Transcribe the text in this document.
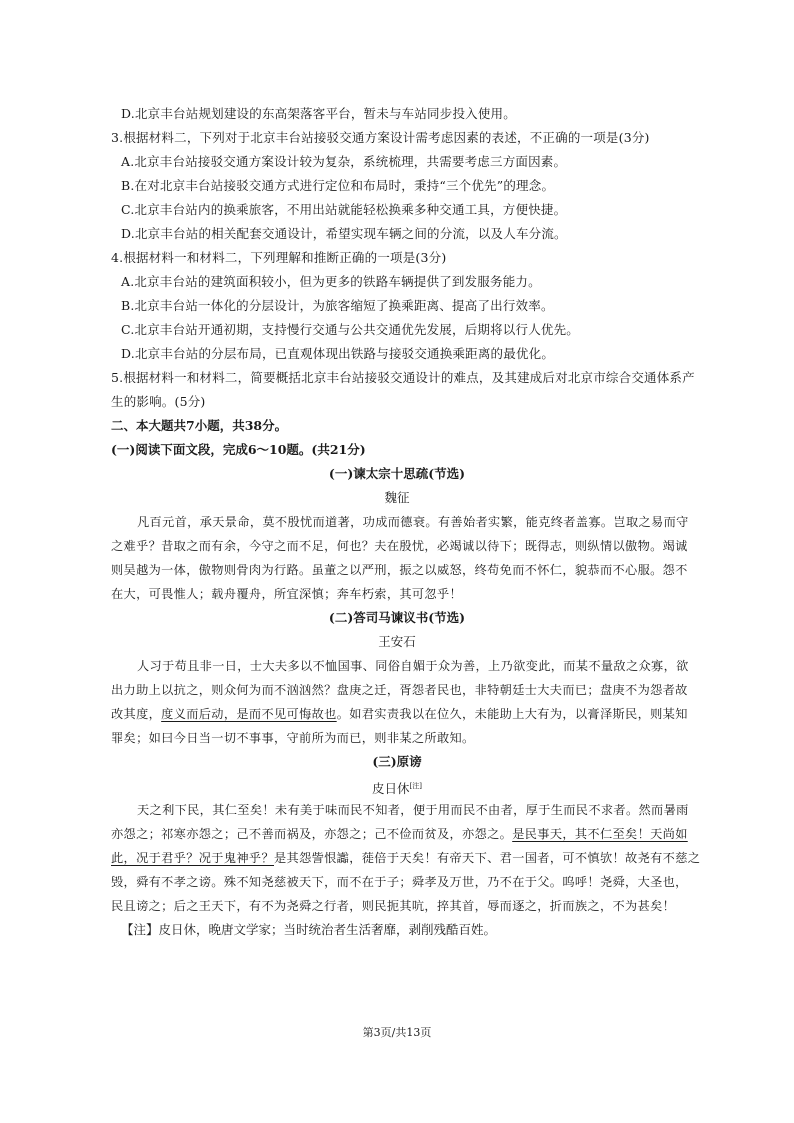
D.北京丰台站规划建设的东高架落客平台，暂未与车站同步投入使用。
3.根据材料二，下列对于北京丰台站接驳交通方案设计需考虑因素的表述，不正确的一项是(3分)
A.北京丰台站接驳交通方案设计较为复杂，系统梳理，共需要考虑三方面因素。
B.在对北京丰台站接驳交通方式进行定位和布局时，秉持“三个优先”的理念。
C.北京丰台站内的换乘旅客，不用出站就能轻松换乘多种交通工具，方便快捷。
D.北京丰台站的相关配套交通设计，希望实现车辆之间的分流，以及人车分流。
4.根据材料一和材料二，下列理解和推断正确的一项是(3分)
A.北京丰台站的建筑面积较小，但为更多的铁路车辆提供了到发服务能力。
B.北京丰台站一体化的分层设计，为旅客缩短了换乘距离、提高了出行效率。
C.北京丰台站开通初期，支持慢行交通与公共交通优先发展，后期将以行人优先。
D.北京丰台站的分层布局，已直观体现出铁路与接驳交通换乘距离的最优化。
5.根据材料一和材料二，简要概括北京丰台站接驳交通设计的难点，及其建成后对北京市综合交通体系产
生的影响。(5分)
二、本大题共7小题，共38分。
(一)阅读下面文段，完成6～10题。(共21分)
(一)谏太宗十思疏(节选)
魏征
凡百元首，承天景命，莫不殷忧而道著，功成而德衰。有善始者实繁，能克终者盖寡。岂取之易而守
之难乎？昔取之而有余，今守之而不足，何也？夫在殷忧，必竭诚以待下；既得志，则纵情以傲物。竭诚
则吴越为一体，傲物则骨肉为行路。虽董之以严刑，振之以威怒，终苟免而不怀仁，貌恭而不心服。怨不
在大，可畏惟人；载舟覆舟，所宜深慎；奔车朽索，其可忽乎！
(二)答司马谏议书(节选)
王安石
人习于苟且非一日，士大夫多以不恤国事、同俗自媚于众为善，上乃欲变此，而某不量敌之众寡，欲
出力助上以抗之，则众何为而不汹汹然？盘庚之迁，胥怨者民也，非特朝廷士大夫而已；盘庚不为怨者故
改其度，度义而后动，是而不见可悔故也。如君实责我以在位久，未能助上大有为，以膏泽斯民，则某知
罪矣；如曰今日当一切不事事，守前所为而已，则非某之所敢知。
(三)原谤
皮日休[注]
天之利下民，其仁至矣！未有美于味而民不知者，便于用而民不由者，厚于生而民不求者。然而暑雨
亦怨之；祁寒亦怨之；己不善而祸及，亦怨之；己不俭而贫及，亦怨之。是民事天，其不仁至矣！天尚如
此，况于君乎？况于鬼神乎？是其怨訾恨讟，蓰倍于天矣！有帝天下、君一国者，可不慎欤！故尧有不慈之
毁，舜有不孝之谤。殊不知尧慈被天下，而不在于子；舜孝及万世，乃不在于父。呜呼！尧舜，大圣也，
民且谤之；后之王天下，有不为尧舜之行者，则民扼其吭，捽其首，辱而逐之，折而族之，不为甚矣！
【注】皮日休，晚唐文学家；当时统治者生活奢靡，剥削残酷百姓。
第3页/共13页
